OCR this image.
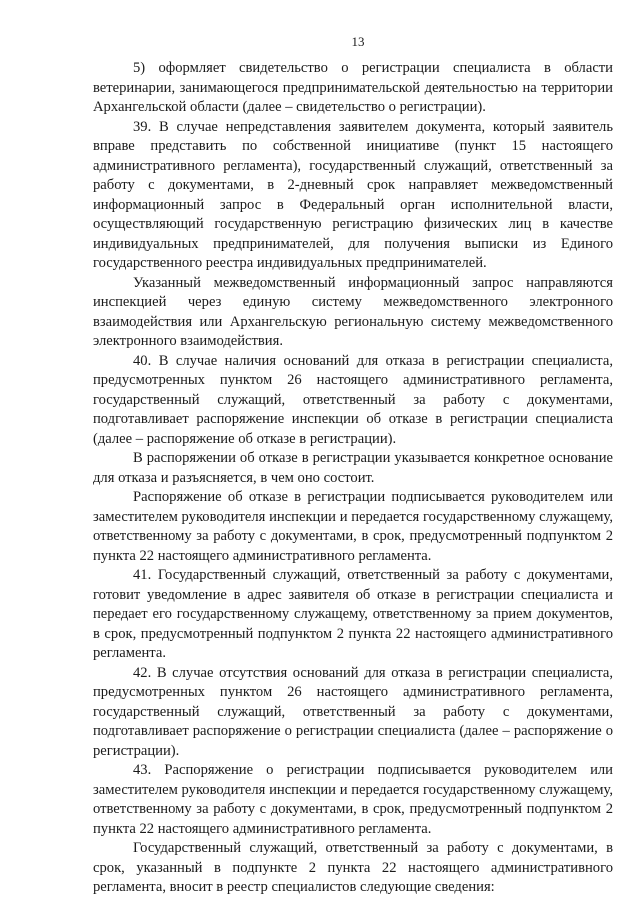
13

5) оформляет свидетельство о регистрации специалиста в области ветеринарии, занимающегося предпринимательской деятельностью на территории Архангельской области (далее – свидетельство о регистрации).

39. В случае непредставления заявителем документа, который заявитель вправе представить по собственной инициативе (пункт 15 настоящего административного регламента), государственный служащий, ответственный за работу с документами, в 2-дневный срок направляет межведомственный информационный запрос в Федеральный орган исполнительной власти, осуществляющий государственную регистрацию физических лиц в качестве индивидуальных предпринимателей, для получения выписки из Единого государственного реестра индивидуальных предпринимателей.

Указанный межведомственный информационный запрос направляются инспекцией через единую систему межведомственного электронного взаимодействия или Архангельскую региональную систему межведомственного электронного взаимодействия.

40. В случае наличия оснований для отказа в регистрации специалиста, предусмотренных пунктом 26 настоящего административного регламента, государственный служащий, ответственный за работу с документами, подготавливает распоряжение инспекции об отказе в регистрации специалиста (далее – распоряжение об отказе в регистрации).

В распоряжении об отказе в регистрации указывается конкретное основание для отказа и разъясняется, в чем оно состоит.

Распоряжение об отказе в регистрации подписывается руководителем или заместителем руководителя инспекции и передается государственному служащему, ответственному за работу с документами, в срок, предусмотренный подпунктом 2 пункта 22 настоящего административного регламента.

41. Государственный служащий, ответственный за работу с документами, готовит уведомление в адрес заявителя об отказе в регистрации специалиста и передает его государственному служащему, ответственному за прием документов, в срок, предусмотренный подпунктом 2 пункта 22 настоящего административного регламента.

42. В случае отсутствия оснований для отказа в регистрации специалиста, предусмотренных пунктом 26 настоящего административного регламента, государственный служащий, ответственный за работу с документами, подготавливает распоряжение о регистрации специалиста (далее – распоряжение о регистрации).

43. Распоряжение о регистрации подписывается руководителем или заместителем руководителя инспекции и передается государственному служащему, ответственному за работу с документами, в срок, предусмотренный подпунктом 2 пункта 22 настоящего административного регламента.

Государственный служащий, ответственный за работу с документами, в срок, указанный в подпункте 2 пункта 22 настоящего административного регламента, вносит в реестр специалистов следующие сведения:
